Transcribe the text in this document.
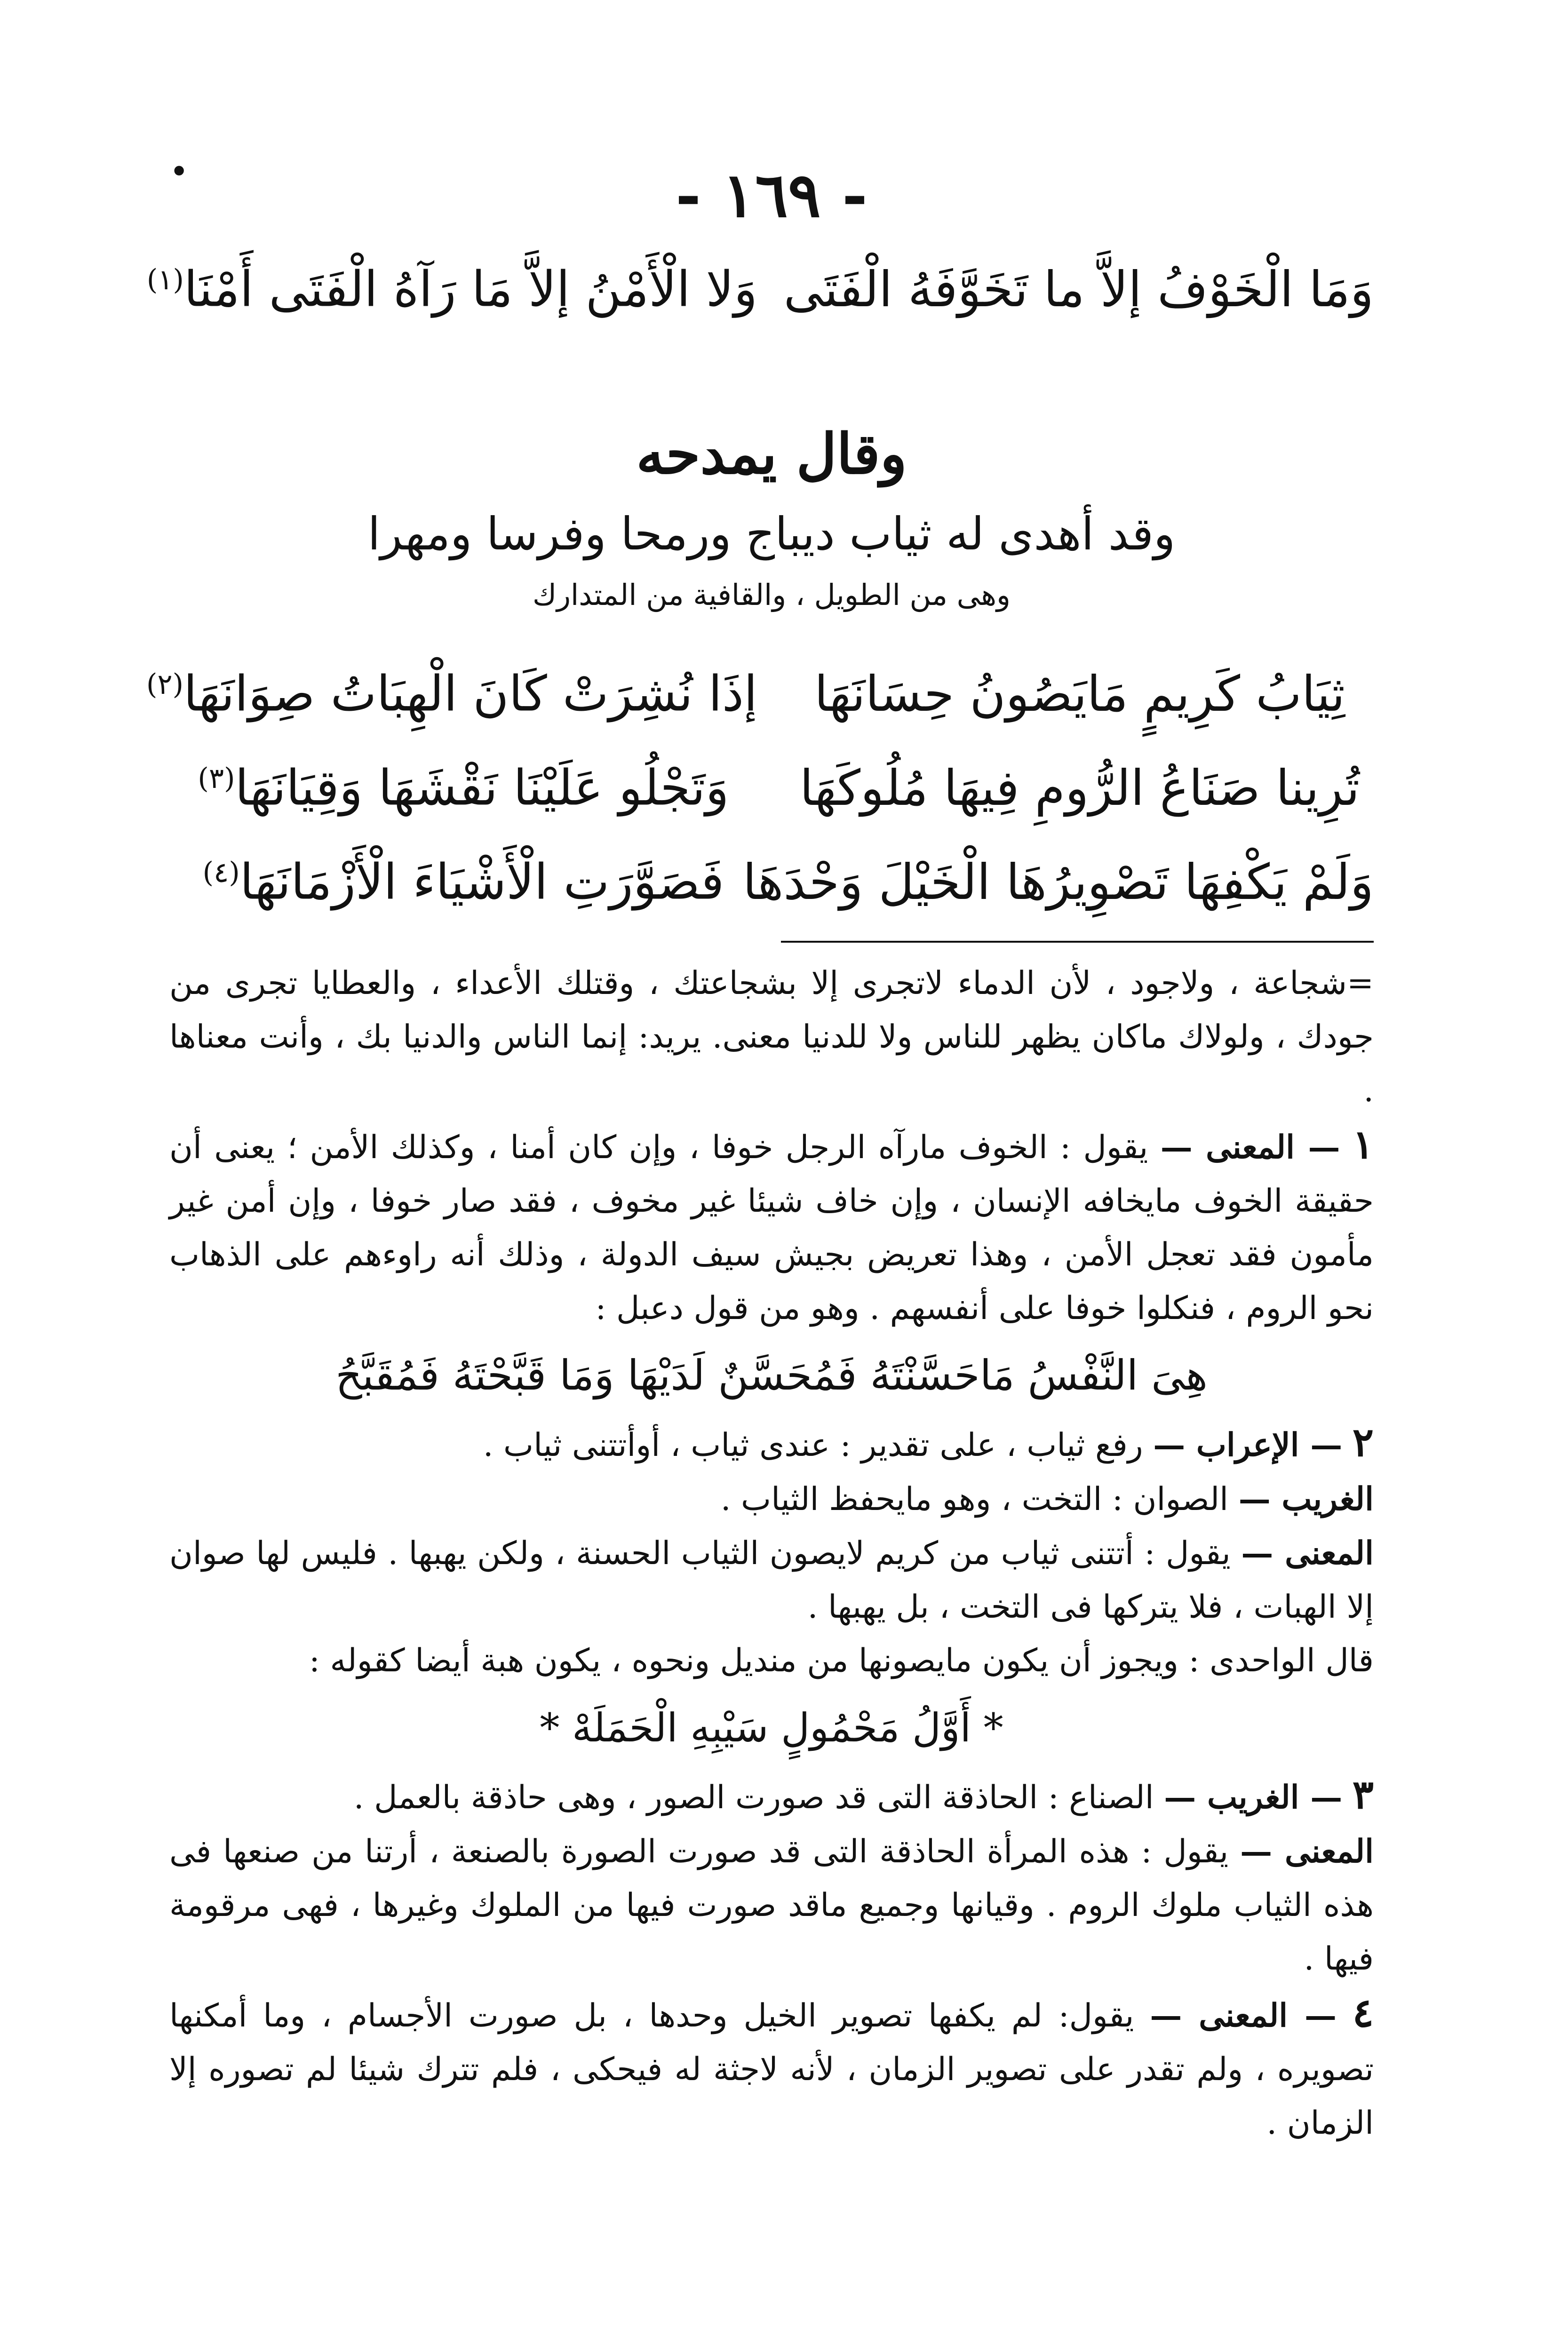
•	- ١٦٩ -
وَمَا الْخَوْفُ إلاَّ ما تَخَوَّفَهُ الْفَتَى
وَلا الْأَمْنُ إلاَّ مَا رَآهُ الْفَتَى أَمْنَا$^{(١)}$
وقال يمدحه
وقد أهدى له ثياب ديباج ورمحا وفرسا ومهرا
وهى من الطويل ، والقافية من المتدارك
ثِيَابُ كَرِيمٍ مَايَصُونُ حِسَانَهَا
إذَا نُشِرَتْ كَانَ الْهِبَاتُ صِوَانَهَا$^{(٢)}$
تُرِينا صَنَاعُ الرُّومِ فِيهَا مُلُوكَهَا
وَتَجْلُو عَلَيْنَا نَقْشَهَا وَقِيَانَهَا$^{(٣)}$
وَلَمْ يَكْفِهَا تَصْوِيرُهَا الْخَيْلَ وَحْدَهَا
فَصَوَّرَتِ الْأَشْيَاءَ الْأَزْمَانَهَا$^{(٤)}$

=شجاعة ، ولاجود ، لأن الدماء لاتجرى إلا بشجاعتك ، وقتلك الأعداء ، والعطايا تجرى من جودك ، ولولاك ماكان يظهر للناس ولا للدنيا معنى. يريد: إنما الناس والدنيا بك ، وأنت معناها .

١ — المعنى — يقول : الخوف مارآه الرجل خوفا ، وإن كان أمنا ، وكذلك الأمن ؛ يعنى أن حقيقة الخوف مايخافه الإنسان ، وإن خاف شيئا غير مخوف ، فقد صار خوفا ، وإن أمن غير مأمون فقد تعجل الأمن ، وهذا تعريض بجيش سيف الدولة ، وذلك أنه راوءهم على الذهاب نحو الروم ، فنكلوا خوفا على أنفسهم . وهو من قول دعبل :

هِىَ النَّفْسُ مَاحَسَّنْتَهُ فَمُحَسَّنٌ لَدَيْهَا وَمَا قَبَّحْتَهُ فَمُقَبَّحُ

٢ — الإعراب — رفع ثياب ، على تقدير : عندى ثياب ، أوأتتنى ثياب .

الغريب — الصوان : التخت ، وهو مايحفظ الثياب .

المعنى — يقول : أتتنى ثياب من كريم لايصون الثياب الحسنة ، ولكن يهبها . فليس لها صوان إلا الهبات ، فلا يتركها فى التخت ، بل يهبها .

قال الواحدى : ويجوز أن يكون مايصونها من منديل ونحوه ، يكون هبة أيضا كقوله :

* أَوَّلُ مَحْمُولٍ سَيْبِهِ الْحَمَلَهْ *

٣ — الغريب — الصناع : الحاذقة التى قد صورت الصور ، وهى حاذقة بالعمل .

المعنى — يقول : هذه المرأة الحاذقة التى قد صورت الصورة بالصنعة ، أرتنا من صنعها فى هذه الثياب ملوك الروم . وقيانها وجميع ماقد صورت فيها من الملوك وغيرها ، فهى مرقومة فيها .

٤ — المعنى — يقول: لم يكفها تصوير الخيل وحدها ، بل صورت الأجسام ، وما أمكنها تصويره ، ولم تقدر على تصوير الزمان ، لأنه لاجثة له فيحكى ، فلم تترك شيئا لم تصوره إلا الزمان .
